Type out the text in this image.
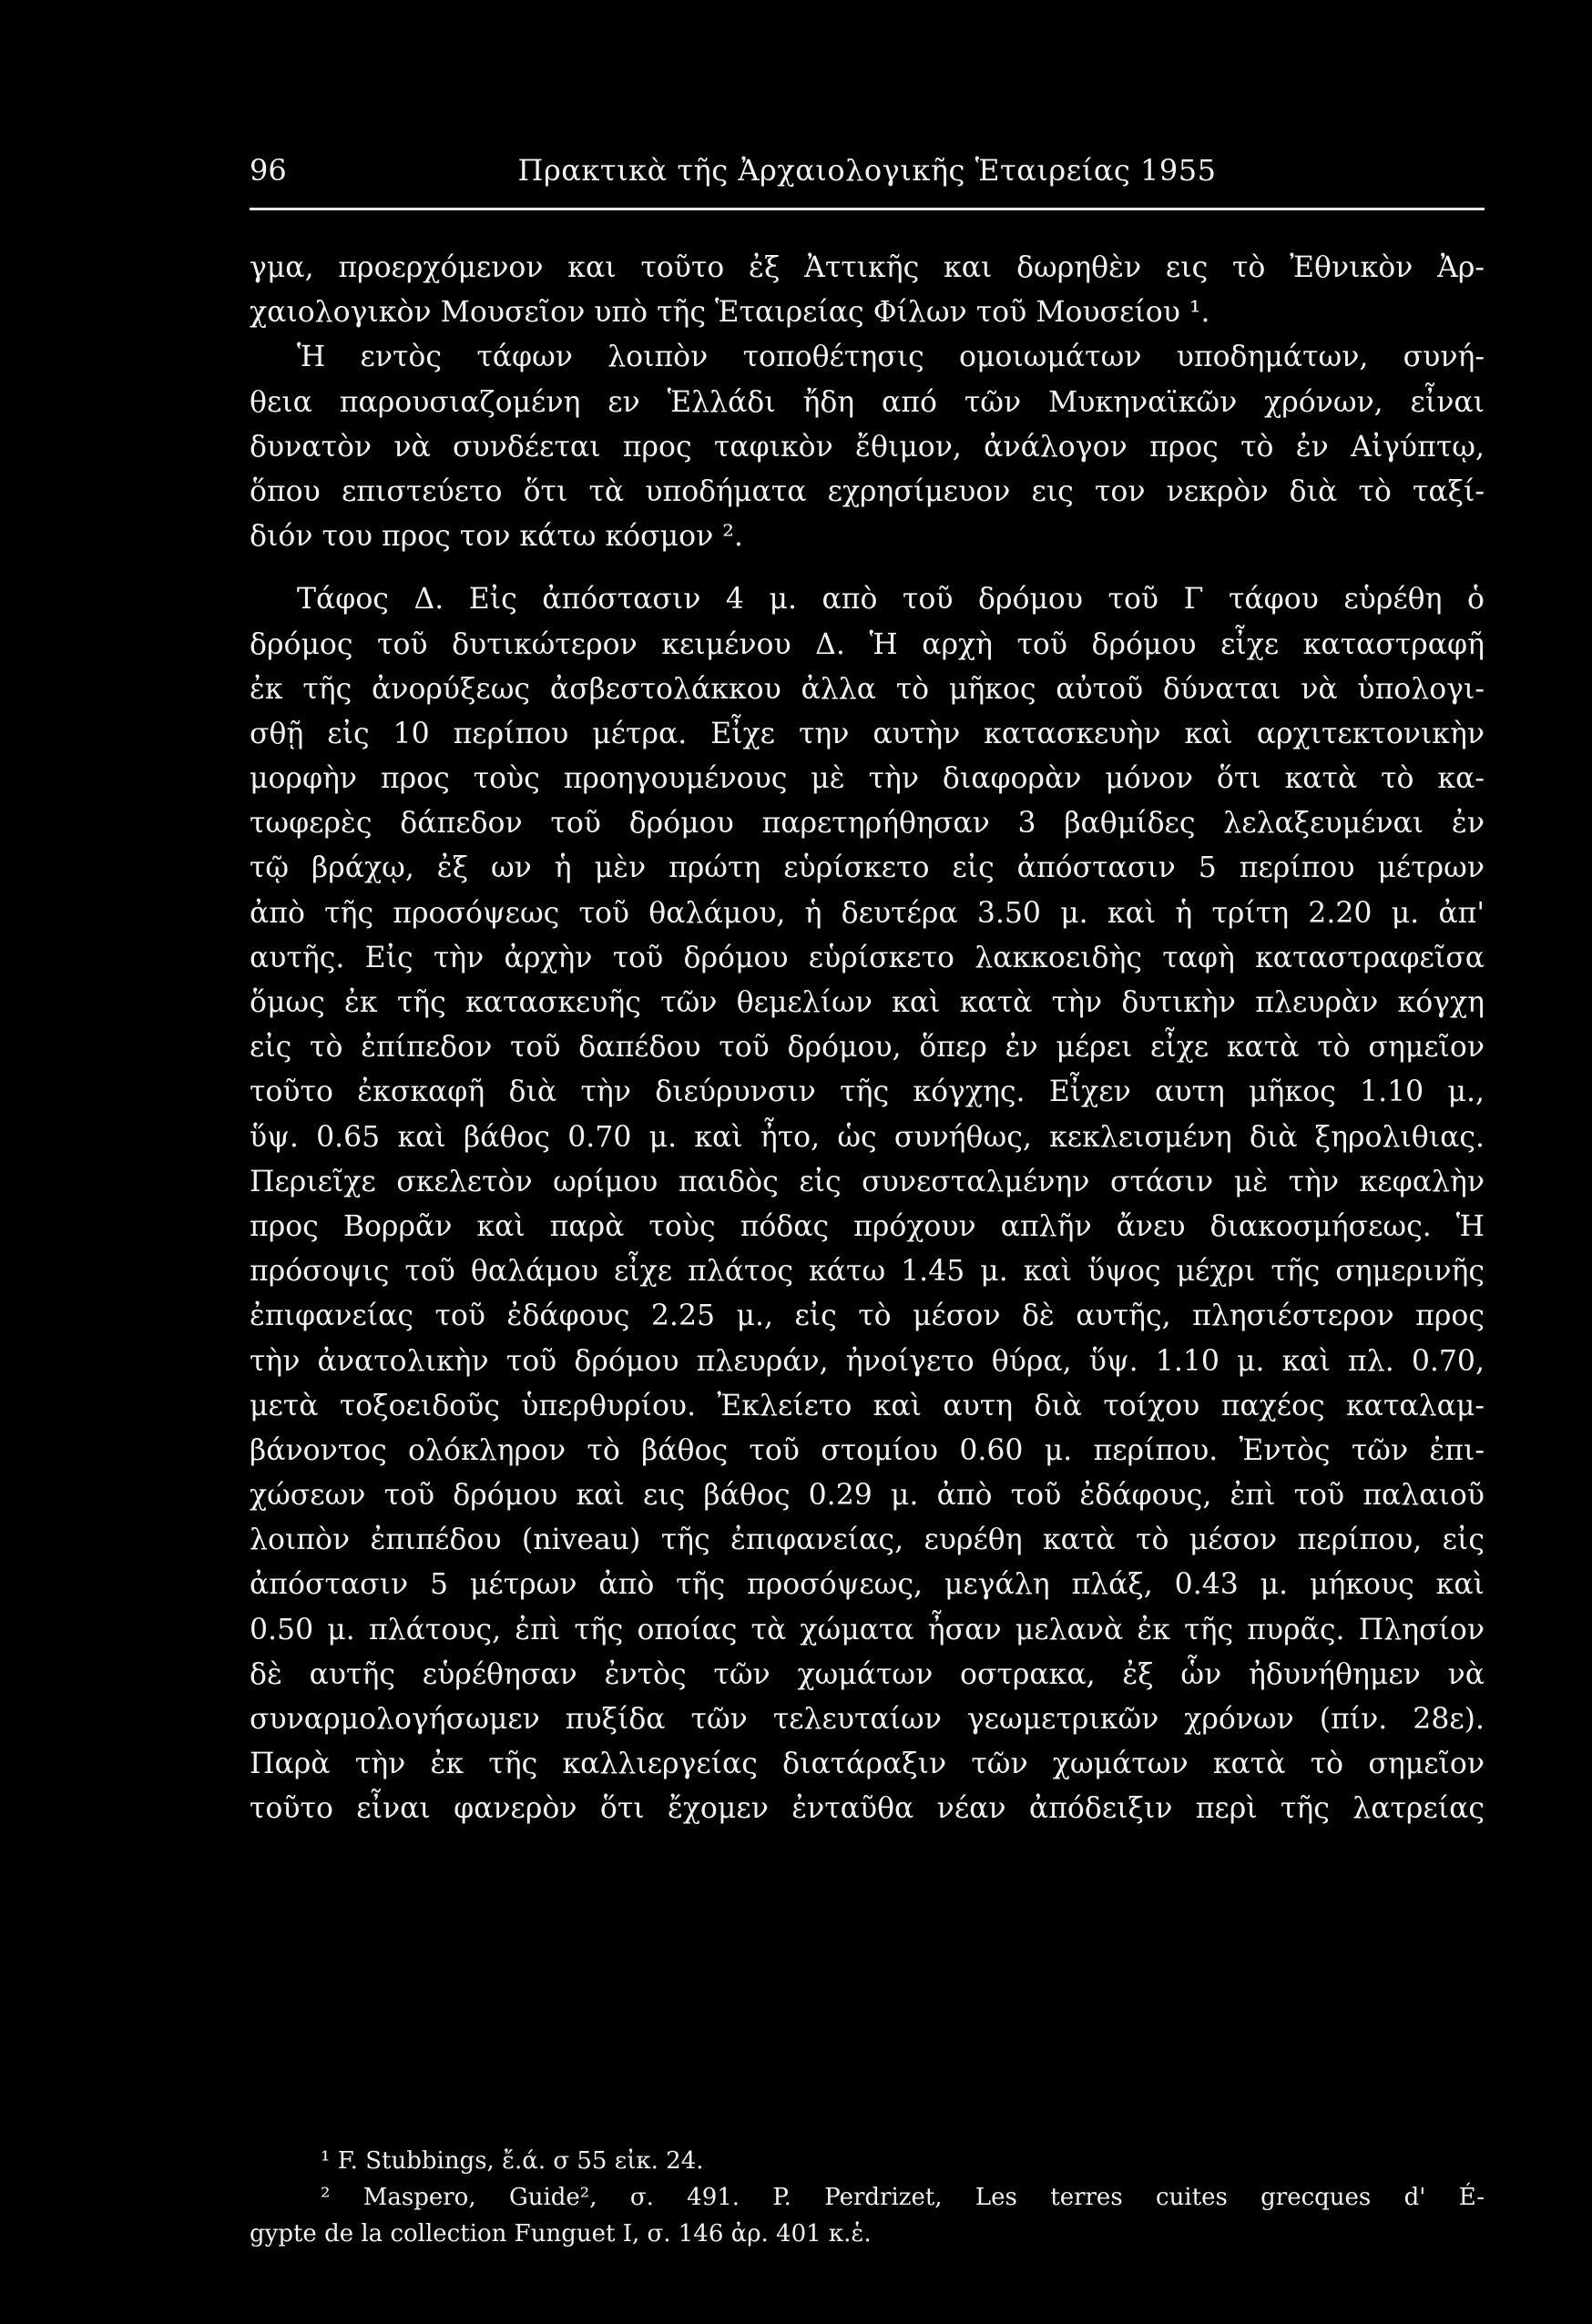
96	Πρακτικὰ τῆς Ἀρχαιολογικῆς Ἑταιρείας 1955
γμα, προερχόμενον και τοῦτο ἐξ Ἀττικῆς και δωρηθὲν εις τὸ Ἐθνικὸν Ἀρ-
χαιολογικὸν Μουσεῖον υπὸ τῆς Ἑταιρείας Φίλων τοῦ Μουσείου ¹.
Ἡ εντὸς τάφων λοιπὸν τοποθέτησις ομοιωμάτων υποδημάτων, συνή-
θεια παρουσιαζομένη εν Ἑλλάδι ἤδη από τῶν Μυκηναϊκῶν χρόνων, εἶναι
δυνατὸν νὰ συνδέεται προς ταφικὸν ἔθιμον, ἀνάλογον προς τὸ ἐν Αἰγύπτῳ,
ὅπου επιστεύετο ὅτι τὰ υποδήματα εχρησίμευον εις τον νεκρὸν διὰ τὸ ταξί-
διόν του προς τον κάτω κόσμον ².
Τάφος Δ. Εἰς ἀπόστασιν 4 μ. απὸ τοῦ δρόμου τοῦ Γ τάφου εὑρέθη ὁ
δρόμος τοῦ δυτικώτερον κειμένου Δ. Ἡ αρχὴ τοῦ δρόμου εἶχε καταστραφῆ
ἐκ τῆς ἀνορύξεως ἀσβεστολάκκου ἀλλα τὸ μῆκος αὐτοῦ δύναται νὰ ὑπολογι-
σθῇ εἰς 10 περίπου μέτρα. Εἶχε την αυτὴν κατασκευὴν καὶ αρχιτεκτονικὴν
μορφὴν προς τοὺς προηγουμένους μὲ τὴν διαφορὰν μόνον ὅτι κατὰ τὸ κα-
τωφερὲς δάπεδον τοῦ δρόμου παρετηρήθησαν 3 βαθμίδες λελαξευμέναι ἐν
τῷ βράχῳ, ἐξ ων ἡ μὲν πρώτη εὑρίσκετο εἰς ἀπόστασιν 5 περίπου μέτρων
ἀπὸ τῆς προσόψεως τοῦ θαλάμου, ἡ δευτέρα 3.50 μ. καὶ ἡ τρίτη 2.20 μ. ἀπ'
αυτῆς. Εἰς τὴν ἀρχὴν τοῦ δρόμου εὑρίσκετο λακκοειδὴς ταφὴ καταστραφεῖσα
ὅμως ἐκ τῆς κατασκευῆς τῶν θεμελίων καὶ κατὰ τὴν δυτικὴν πλευρὰν κόγχη
εἰς τὸ ἐπίπεδον τοῦ δαπέδου τοῦ δρόμου, ὅπερ ἐν μέρει εἶχε κατὰ τὸ σημεῖον
τοῦτο ἐκσκαφῆ διὰ τὴν διεύρυνσιν τῆς κόγχης. Εἶχεν αυτη μῆκος 1.10 μ.,
ὕψ. 0.65 καὶ βάθος 0.70 μ. καὶ ἦτο, ὡς συνήθως, κεκλεισμένη διὰ ξηρολιθιας.
Περιεῖχε σκελετὸν ωρίμου παιδὸς εἰς συνεσταλμένην στάσιν μὲ τὴν κεφαλὴν
προς Βορρᾶν καὶ παρὰ τοὺς πόδας πρόχουν απλῆν ἄνευ διακοσμήσεως. Ἡ
πρόσοψις τοῦ θαλάμου εἶχε πλάτος κάτω 1.45 μ. καὶ ὕψος μέχρι τῆς σημερινῆς
ἐπιφανείας τοῦ ἐδάφους 2.25 μ., εἰς τὸ μέσον δὲ αυτῆς, πλησιέστερον προς
τὴν ἀνατολικὴν τοῦ δρόμου πλευράν, ἠνοίγετο θύρα, ὕψ. 1.10 μ. καὶ πλ. 0.70,
μετὰ τοξοειδοῦς ὑπερθυρίου. Ἐκλείετο καὶ αυτη διὰ τοίχου παχέος καταλαμ-
βάνοντος ολόκληρον τὸ βάθος τοῦ στομίου 0.60 μ. περίπου. Ἐντὸς τῶν ἐπι-
χώσεων τοῦ δρόμου καὶ εις βάθος 0.29 μ. ἀπὸ τοῦ ἐδάφους, ἐπὶ τοῦ παλαιοῦ
λοιπὸν ἐπιπέδου (niveau) τῆς ἐπιφανείας, ευρέθη κατὰ τὸ μέσον περίπου, εἰς
ἀπόστασιν 5 μέτρων ἀπὸ τῆς προσόψεως, μεγάλη πλάξ, 0.43 μ. μήκους καὶ
0.50 μ. πλάτους, ἐπὶ τῆς οποίας τὰ χώματα ἦσαν μελανὰ ἐκ τῆς πυρᾶς. Πλησίον
δὲ αυτῆς εὑρέθησαν ἐντὸς τῶν χωμάτων οστρακα, ἐξ ὧν ἠδυνήθημεν νὰ
συναρμολογήσωμεν πυξίδα τῶν τελευταίων γεωμετρικῶν χρόνων (πίν. 28ε).
Παρὰ τὴν ἐκ τῆς καλλιεργείας διατάραξιν τῶν χωμάτων κατὰ τὸ σημεῖον
τοῦτο εἶναι φανερὸν ὅτι ἔχομεν ἐνταῦθα νέαν ἀπόδειξιν περὶ τῆς λατρείας
¹ F. Stubbings, ἔ.ά. σ 55 εἰκ. 24.
² Maspero, Guide², σ. 491. P. Perdrizet, Les terres cuites grecques d' É-
gypte de la collection Funguet I, σ. 146 ἀρ. 401 κ.ἑ.
